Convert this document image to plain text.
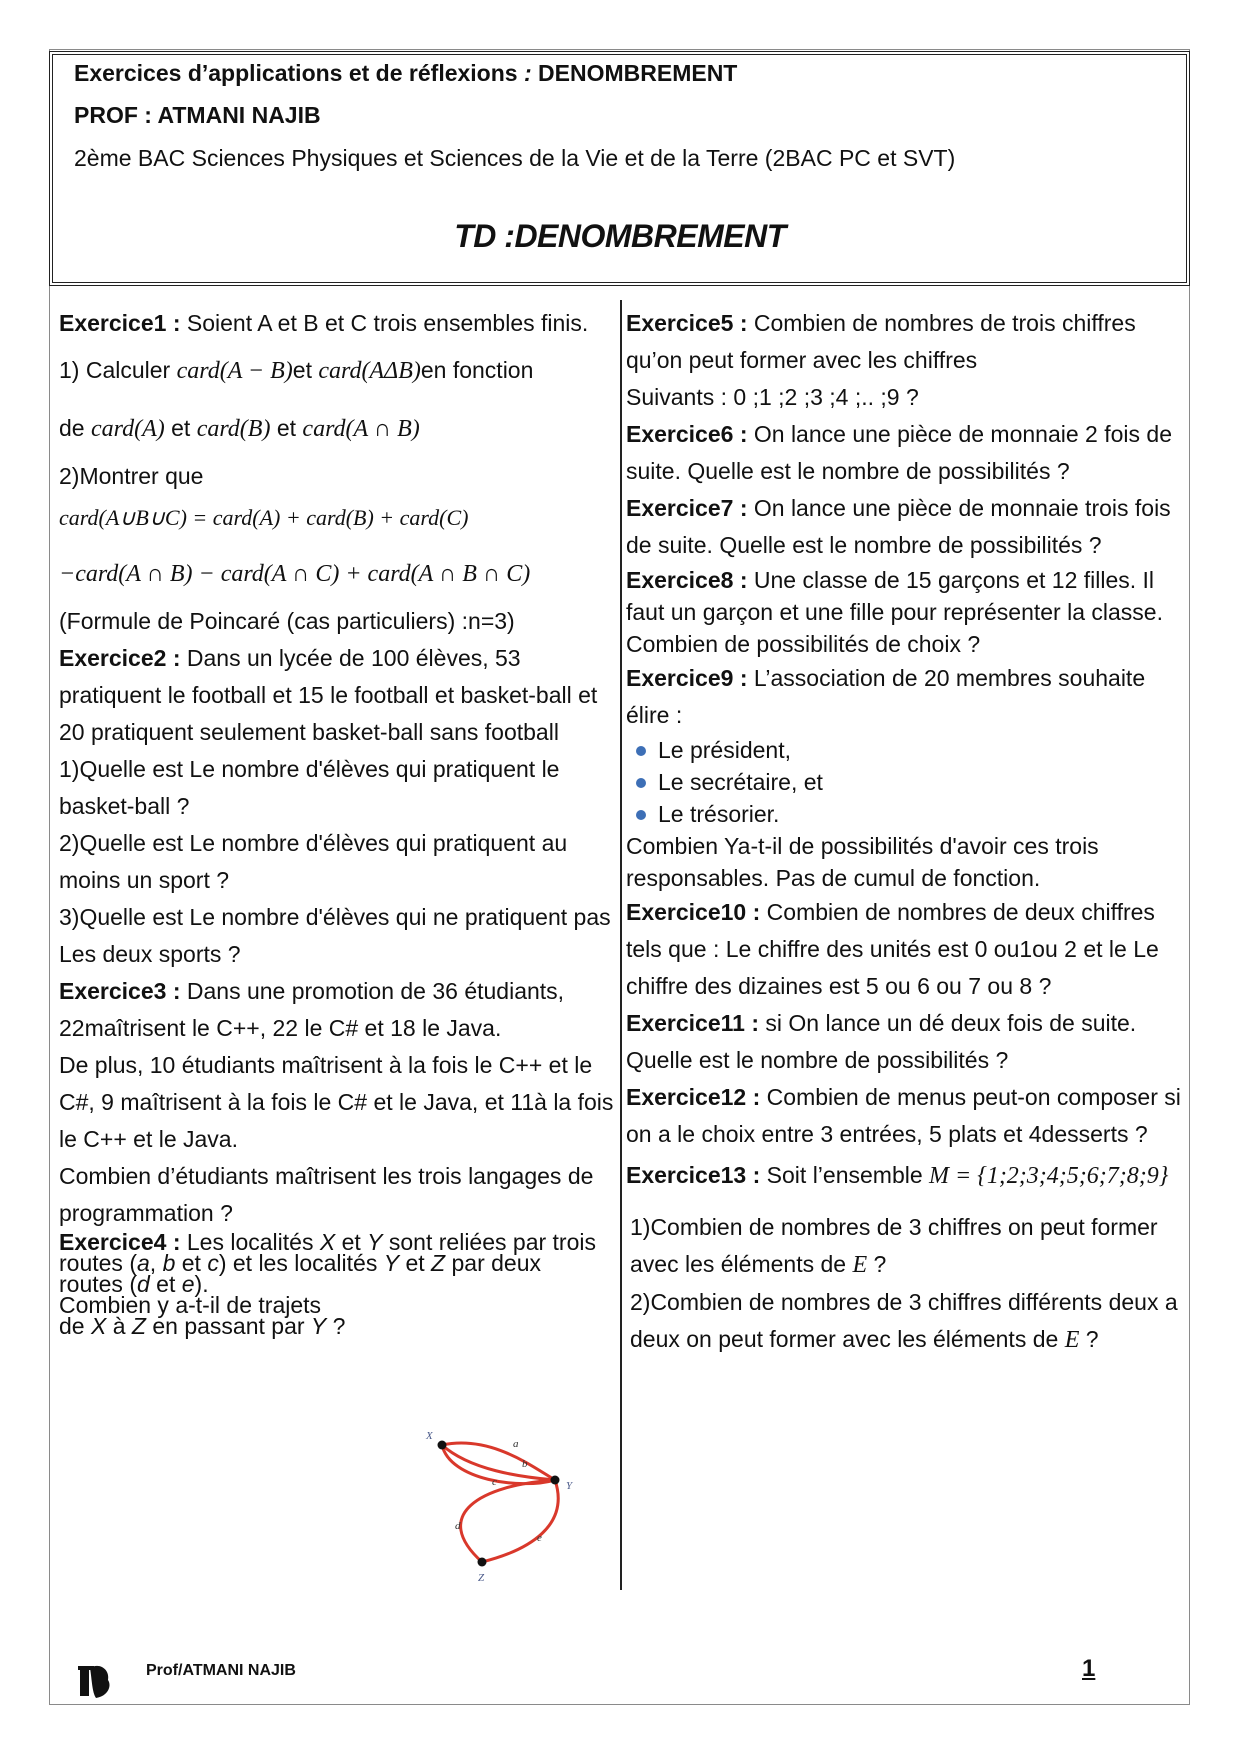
Exercices d’applications et de réflexions : DENOMBREMENT
PROF : ATMANI NAJIB
2ème BAC Sciences Physiques et Sciences de la Vie et de la Terre (2BAC PC et SVT)
TD :DENOMBREMENT

Exercice1 : Soient A et B et C trois ensembles finis.

1) Calculer card(A − B)et card(AΔB)en fonction

de card(A) et card(B) et card(A ∩ B)

2)Montrer que

card(A∪B∪C) = card(A) + card(B) + card(C)

−card(A ∩ B) − card(A ∩ C) + card(A ∩ B ∩ C)

(Formule de Poincaré (cas particuliers) :n=3)

Exercice2 : Dans un lycée de 100 élèves, 53 pratiquent le football et 15 le football et basket-ball et 20 pratiquent seulement basket-ball sans football

1)Quelle est Le nombre d'élèves qui pratiquent le basket-ball ?

2)Quelle est Le nombre d'élèves qui pratiquent au moins un sport ?

3)Quelle est Le nombre d'élèves qui ne pratiquent pas Les deux sports ?

Exercice3 : Dans une promotion de 36 étudiants, 22maîtrisent le C++, 22 le C# et 18 le Java.

De plus, 10 étudiants maîtrisent à la fois le C++ et le C#, 9 maîtrisent à la fois le C# et le Java, et 11à la fois le C++ et le Java.

Combien d’étudiants maîtrisent les trois langages de programmation ?

Exercice4 : Les localités X et Y sont reliées par trois routes (a, b et c) et les localités Y et Z par deux routes (d et e).
Combien y a-t-il de trajets
de X à Z en passant par Y ?

X
Y
Z
a
b
c
d
e

Exercice5 : Combien de nombres de trois chiffres qu’on peut former avec les chiffres

Suivants : 0 ;1 ;2 ;3 ;4 ;.. ;9 ?

Exercice6 : On lance une pièce de monnaie 2 fois de suite. Quelle est le nombre de possibilités ?

Exercice7 : On lance une pièce de monnaie trois fois de suite. Quelle est le nombre de possibilités ?

Exercice8 : Une classe de 15 garçons et 12 filles. Il faut un garçon et une fille pour représenter la classe.

Combien de possibilités de choix ?

Exercice9 : L’association de 20 membres souhaite élire :

Le président,
Le secrétaire, et
Le trésorier.

Combien Ya-t-il de possibilités d'avoir ces trois responsables. Pas de cumul de fonction.

Exercice10 : Combien de nombres de deux chiffres tels que : Le chiffre des unités est 0 ou1ou 2 et le Le chiffre des dizaines est 5 ou 6 ou 7 ou 8 ?

Exercice11 : si On lance un dé deux fois de suite. Quelle est le nombre de possibilités ?

Exercice12 : Combien de menus peut-on composer si on a le choix entre 3 entrées, 5 plats et 4desserts ?

Exercice13 : Soit l’ensemble M = {1;2;3;4;5;6;7;8;9}

1)Combien de nombres de 3 chiffres on peut former avec les éléments de E ?

2)Combien de nombres de 3 chiffres différents deux a deux on peut former avec les éléments de E ?

Prof/ATMANI NAJIB	1
